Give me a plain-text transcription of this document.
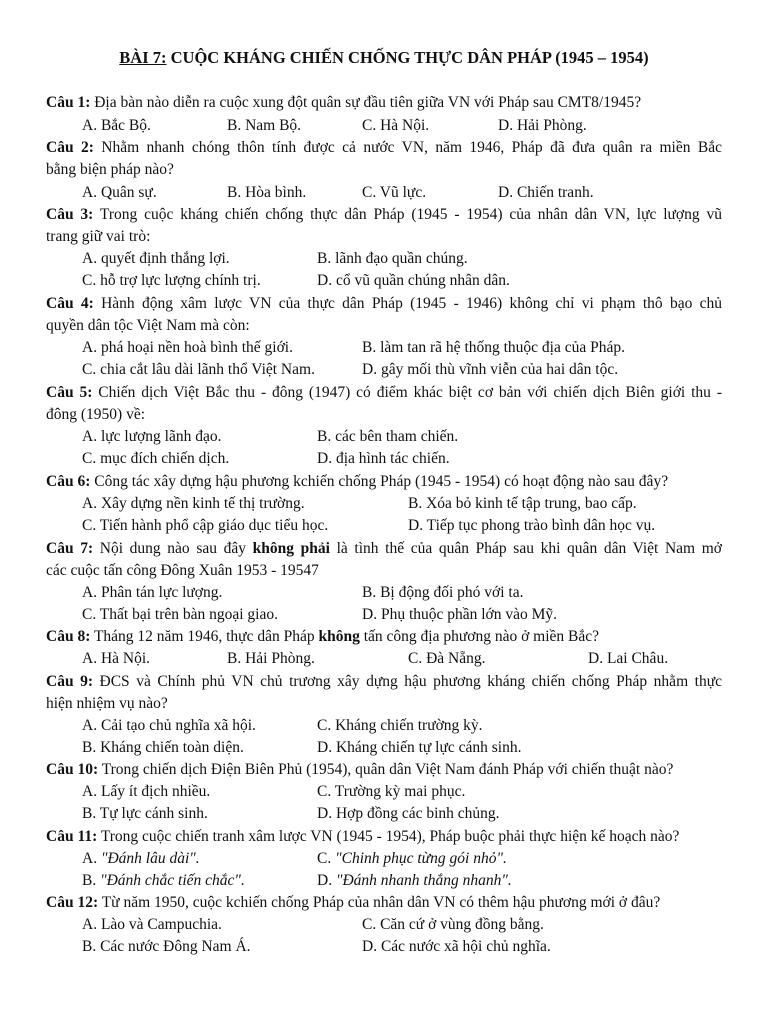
BÀI 7: CUỘC KHÁNG CHIẾN CHỐNG THỰC DÂN PHÁP (1945 – 1954)
Câu 1: Địa bàn nào diễn ra cuộc xung đột quân sự đầu tiên giữa VN với Pháp sau CMT8/1945?
A. Bắc Bộ.	B. Nam Bộ.	C. Hà Nội.	D. Hải Phòng.
Câu 2: Nhằm nhanh chóng thôn tính được cả nước VN, năm 1946, Pháp đã đưa quân ra miền Bắc
bằng biện pháp nào?
A. Quân sự.	B. Hòa bình.	C. Vũ lực.	D. Chiến tranh.
Câu 3: Trong cuộc kháng chiến chống thực dân Pháp (1945 - 1954) của nhân dân VN, lực lượng vũ
trang giữ vai trò:
A. quyết định thắng lợi.	B. lãnh đạo quần chúng.
C. hỗ trợ lực lượng chính trị.	D. cổ vũ quần chúng nhân dân.
Câu 4: Hành động xâm lược VN của thực dân Pháp (1945 - 1946) không chỉ vi phạm thô bạo chủ
quyền dân tộc Việt Nam mà còn:
A. phá hoại nền hoà bình thế giới.	B. làm tan rã hệ thống thuộc địa của Pháp.
C. chia cắt lâu dài lãnh thổ Việt Nam.	D. gây mối thù vĩnh viễn của hai dân tộc.
Câu 5: Chiến dịch Việt Bắc thu - đông (1947) có điểm khác biệt cơ bản với chiến dịch Biên giới thu -
đông (1950) về:
A. lực lượng lãnh đạo.	B. các bên tham chiến.
C. mục đích chiến dịch.	D. địa hình tác chiến.
Câu 6: Công tác xây dựng hậu phương kchiến chống Pháp (1945 - 1954) có hoạt động nào sau đây?
A. Xây dựng nền kinh tế thị trường.	B. Xóa bỏ kinh tế tập trung, bao cấp.
C. Tiến hành phổ cập giáo dục tiểu học.	D. Tiếp tục phong trào bình dân học vụ.
Câu 7: Nội dung nào sau đây không phải là tình thế của quân Pháp sau khi quân dân Việt Nam mở
các cuộc tấn công Đông Xuân 1953 - 19547
A. Phân tán lực lượng.	B. Bị động đối phó với ta.
C. Thất bại trên bàn ngoại giao.	D. Phụ thuộc phần lớn vào Mỹ.
Câu 8: Tháng 12 năm 1946, thực dân Pháp không tấn công địa phương nào ở miền Bắc?
A. Hà Nội.	B. Hải Phòng.	C. Đà Nẵng.	D. Lai Châu.
Câu 9: ĐCS và Chính phủ VN chủ trương xây dựng hậu phương kháng chiến chống Pháp nhằm thực
hiện nhiệm vụ nào?
A. Cải tạo chủ nghĩa xã hội.	C. Kháng chiến trường kỳ.
B. Kháng chiến toàn diện.	D. Kháng chiến tự lực cánh sinh.
Câu 10: Trong chiến dịch Điện Biên Phủ (1954), quân dân Việt Nam đánh Pháp với chiến thuật nào?
A. Lấy ít địch nhiều.	C. Trường kỳ mai phục.
B. Tự lực cánh sinh.	D. Hợp đồng các binh chủng.
Câu 11: Trong cuộc chiến tranh xâm lược VN (1945 - 1954), Pháp buộc phải thực hiện kế hoạch nào?
A. "Đánh lâu dài".	C. "Chinh phục từng gói nhỏ".
B. "Đánh chắc tiến chắc".	D. "Đánh nhanh thắng nhanh".
Câu 12: Từ năm 1950, cuộc kchiến chống Pháp của nhân dân VN có thêm hậu phương mới ở đâu?
A. Lào và Campuchia.	C. Căn cứ ở vùng đồng bằng.
B. Các nước Đông Nam Á.	D. Các nước xã hội chủ nghĩa.
